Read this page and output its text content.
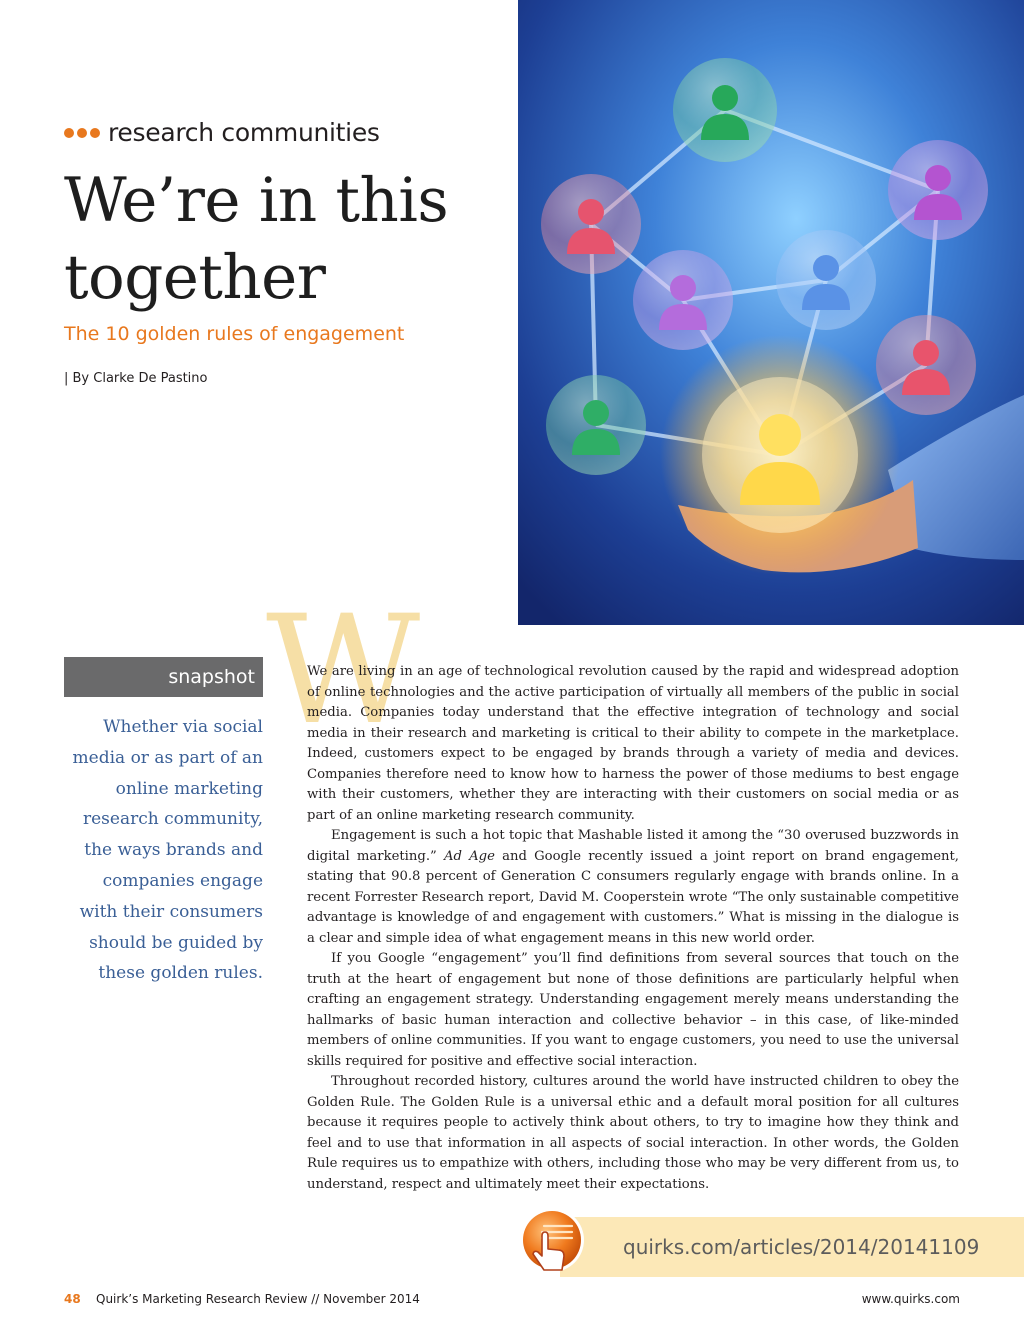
research communities
We’re in this together
The 10 golden rules of engagement
| By Clarke De Pastino
snapshot
Whether via social media or as part of an online marketing research community, the ways brands and companies engage with their consumers should be guided by these golden rules.
W

We are living in an age of technological revolution caused by the rapid and widespread adoption of online technologies and the active participation of virtually all members of the public in social media. Companies today understand that the effective integration of technology and social media in their research and marketing is critical to their ability to compete in the marketplace. Indeed, customers expect to be engaged by brands through a variety of media and devices. Companies therefore need to know how to harness the power of those mediums to best engage with their customers, whether they are interacting with their customers on social media or as part of an online marketing research community.

Engagement is such a hot topic that Mashable listed it among the “30 overused buzzwords in digital marketing.” Ad Age and Google recently issued a joint report on brand engagement, stating that 90.8 percent of Generation C consumers regularly engage with brands online. In a recent Forrester Research report, David M. Cooperstein wrote “The only sustainable competitive advantage is knowledge of and engagement with customers.” What is missing in the dialogue is a clear and simple idea of what engagement means in this new world order.

If you Google “engagement” you’ll find definitions from several sources that touch on the truth at the heart of engagement but none of those definitions are particularly helpful when crafting an engagement strategy. Understanding engagement merely means understanding the hallmarks of basic human interaction and collective behavior – in this case, of like-minded members of online communities. If you want to engage customers, you need to use the universal skills required for positive and effective social interaction.

Throughout recorded history, cultures around the world have instructed children to obey the Golden Rule. The Golden Rule is a universal ethic and a default moral position for all cultures because it requires people to actively think about others, to try to imagine how they think and feel and to use that information in all aspects of social interaction. In other words, the Golden Rule requires us to empathize with others, including those who may be very different from us, to understand, respect and ultimately meet their expectations.

quirks.com/articles/2014/20141109
48 Quirk’s Marketing Research Review // November 2014	www.quirks.com
